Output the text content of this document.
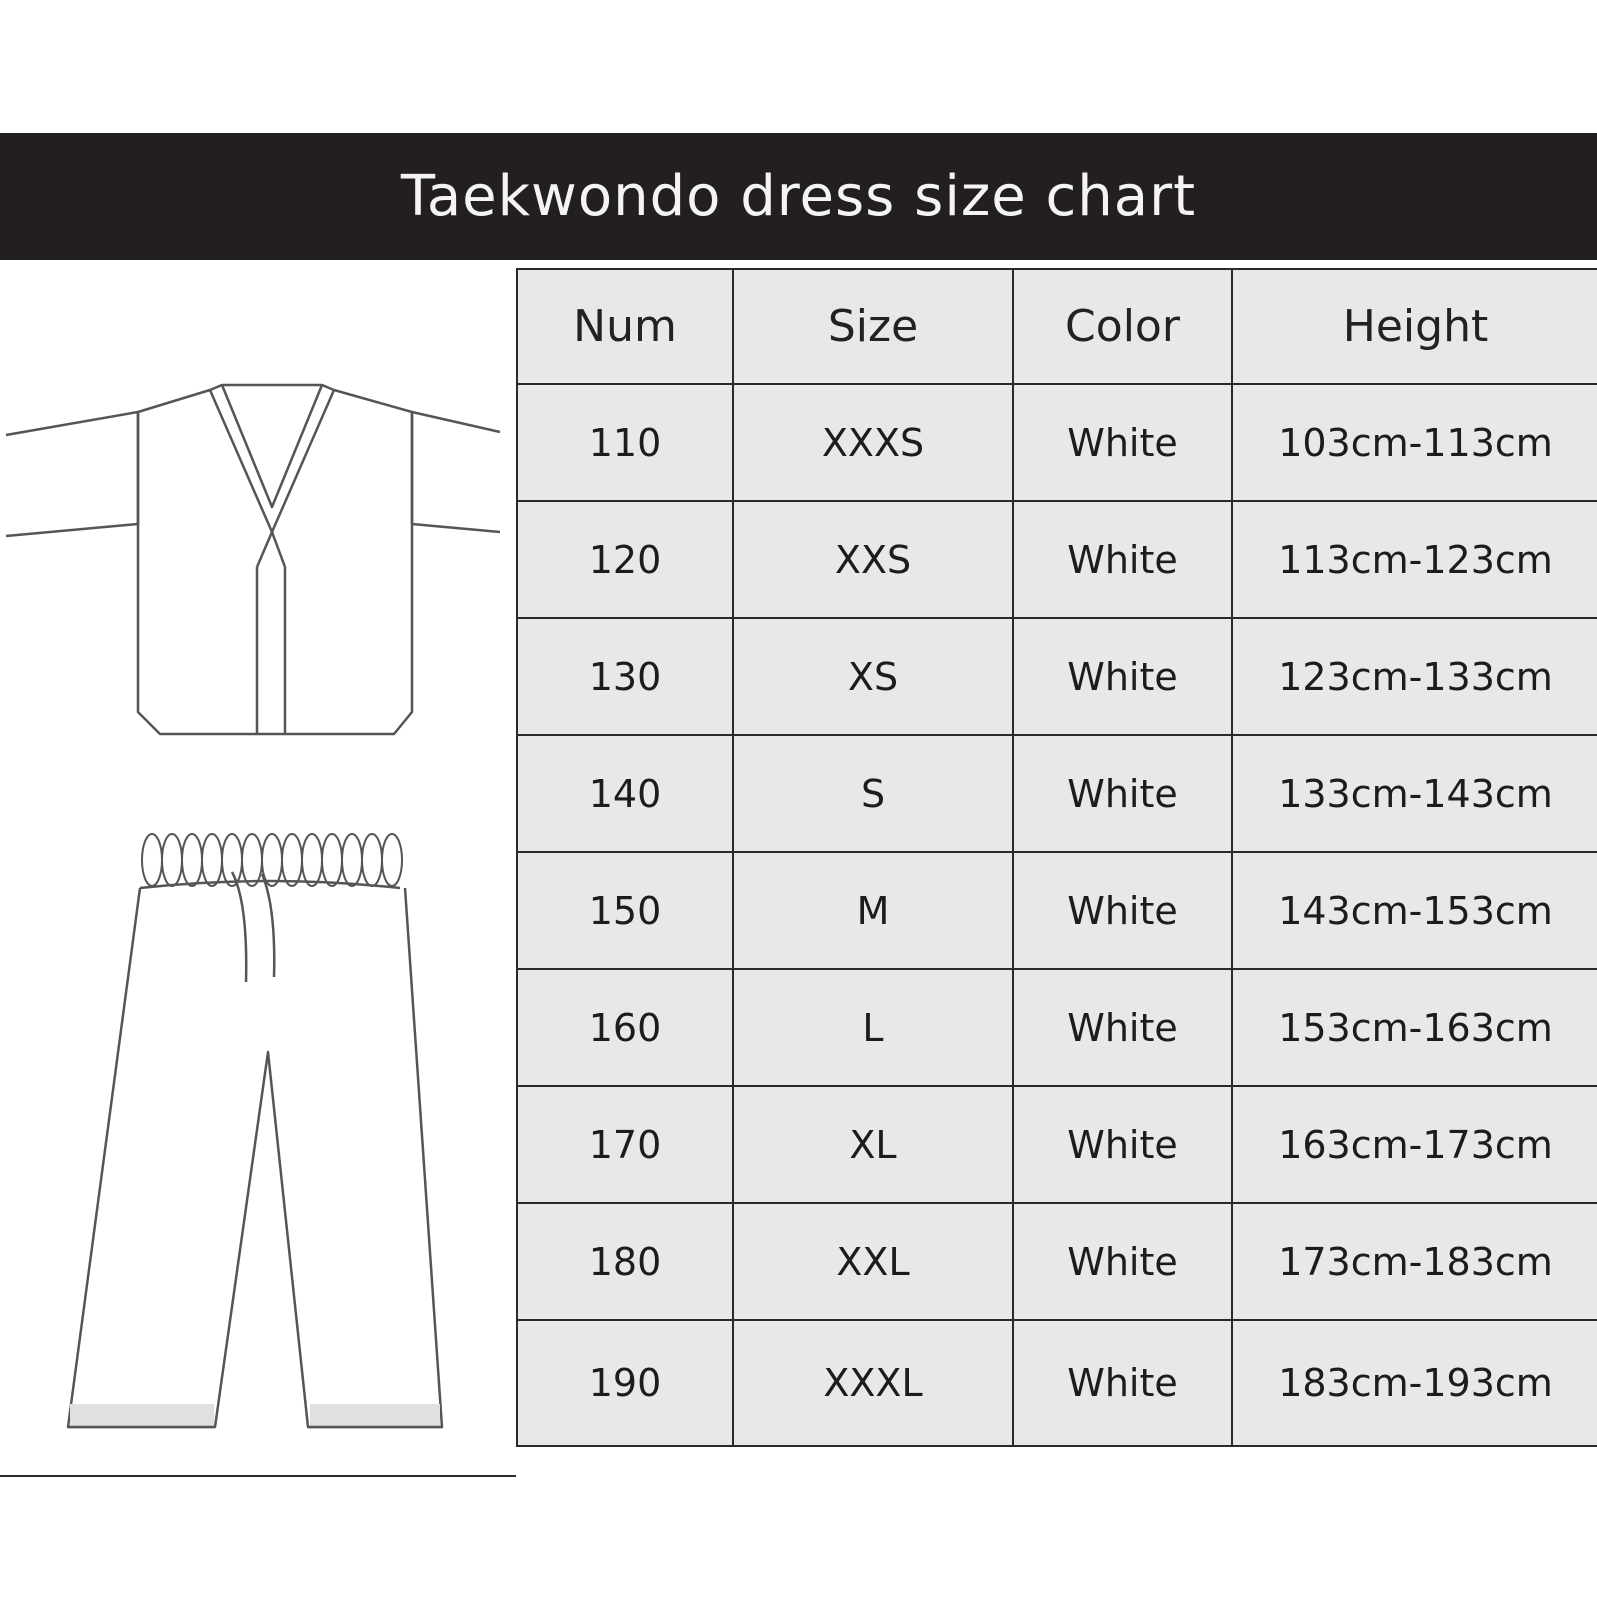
Taekwondo dress size chart
Num	Size	Color	Height
110	XXXS	White	103cm-113cm
120	XXS	White	113cm-123cm
130	XS	White	123cm-133cm
140	S	White	133cm-143cm
150	M	White	143cm-153cm
160	L	White	153cm-163cm
170	XL	White	163cm-173cm
180	XXL	White	173cm-183cm
190	XXXL	White	183cm-193cm
